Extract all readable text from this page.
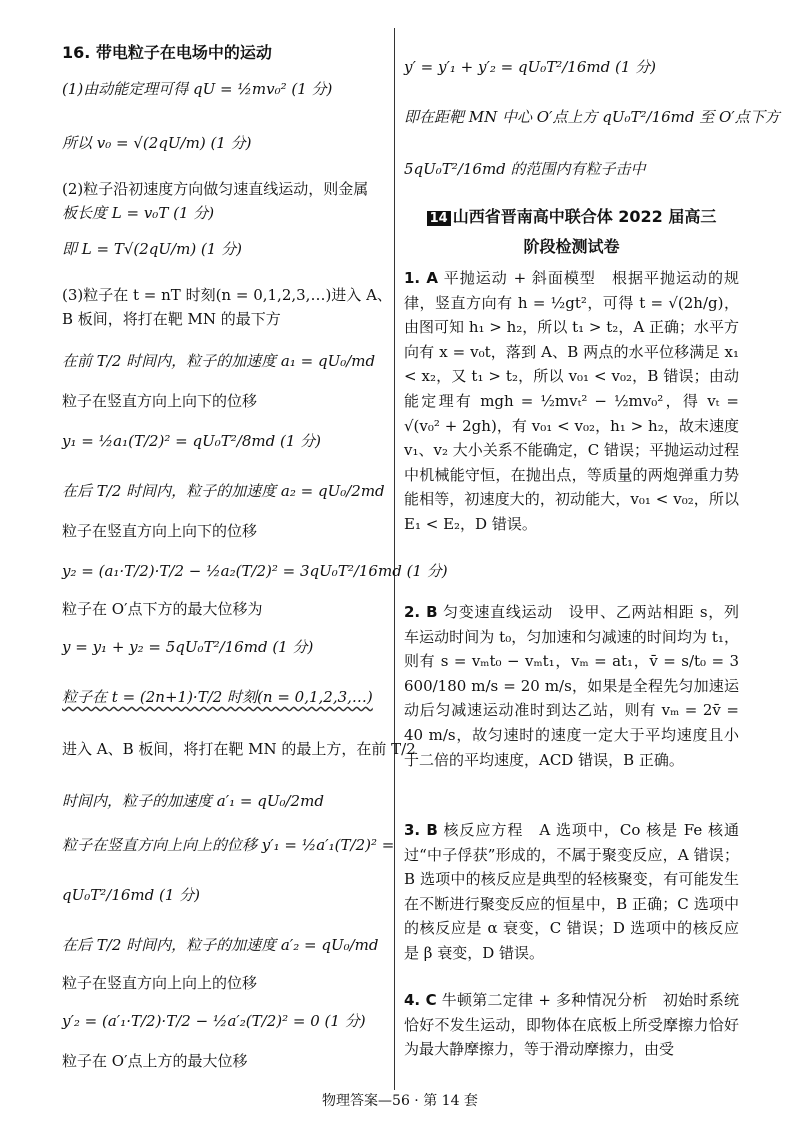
16. 带电粒子在电场中的运动
(1)由动能定理可得 qU = ½mv₀² (1 分)
所以 v₀ = √(2qU/m) (1 分)
(2)粒子沿初速度方向做匀速直线运动，则金属
板长度 L = v₀T (1 分)
即 L = T√(2qU/m) (1 分)
(3)粒子在 t = nT 时刻(n = 0,1,2,3,…)进入 A、
B 板间，将打在靶 MN 的最下方
在前 T/2 时间内，粒子的加速度 a₁ = qU₀/md
粒子在竖直方向上向下的位移
y₁ = ½a₁(T/2)² = qU₀T²/8md (1 分)
在后 T/2 时间内，粒子的加速度 a₂ = qU₀/2md
粒子在竖直方向上向下的位移
y₂ = (a₁·T/2)·T/2 − ½a₂(T/2)² = 3qU₀T²/16md (1 分)
粒子在 O′点下方的最大位移为
y = y₁ + y₂ = 5qU₀T²/16md (1 分)
粒子在 t = (2n+1)·T/2 时刻(n = 0,1,2,3,…)
进入 A、B 板间，将打在靶 MN 的最上方，在前 T/2
时间内，粒子的加速度 a′₁ = qU₀/2md
粒子在竖直方向上向上的位移 y′₁ = ½a′₁(T/2)² =
qU₀T²/16md (1 分)
在后 T/2 时间内，粒子的加速度 a′₂ = qU₀/md
粒子在竖直方向上向上的位移
y′₂ = (a′₁·T/2)·T/2 − ½a′₂(T/2)² = 0 (1 分)
粒子在 O′点上方的最大位移
y′ = y′₁ + y′₂ = qU₀T²/16md (1 分)
即在距靶 MN 中心 O′点上方 qU₀T²/16md 至 O′点下方
5qU₀T²/16md 的范围内有粒子击中
14 山西省晋南高中联合体 2022 届高三
阶段检测试卷
1. A 平抛运动 + 斜面模型　根据平抛运动的规律，竖直方向有 h = ½gt²，可得 t = √(2h/g)，由图可知 h₁ > h₂，所以 t₁ > t₂，A 正确；水平方向有 x = v₀t，落到 A、B 两点的水平位移满足 x₁ < x₂，又 t₁ > t₂，所以 v₀₁ < v₀₂，B 错误；由动能定理有 mgh = ½mvₜ² − ½mv₀²，得 vₜ = √(v₀² + 2gh)，有 v₀₁ < v₀₂，h₁ > h₂，故末速度 v₁、v₂ 大小关系不能确定，C 错误；平抛运动过程中机械能守恒，在抛出点，等质量的两炮弹重力势能相等，初速度大的，初动能大，v₀₁ < v₀₂，所以 E₁ < E₂，D 错误。
2. B 匀变速直线运动　设甲、乙两站相距 s，列车运动时间为 t₀，匀加速和匀减速的时间均为 t₁，则有 s = vₘt₀ − vₘt₁，vₘ = at₁，v̄ = s/t₀ = 3 600/180 m/s = 20 m/s，如果是全程先匀加速运动后匀减速运动准时到达乙站，则有 vₘ = 2v̄ = 40 m/s，故匀速时的速度一定大于平均速度且小于二倍的平均速度，ACD 错误，B 正确。
3. B 核反应方程　A 选项中，Co 核是 Fe 核通过“中子俘获”形成的，不属于聚变反应，A 错误；B 选项中的核反应是典型的轻核聚变，有可能发生在不断进行聚变反应的恒星中，B 正确；C 选项中的核反应是 α 衰变，C 错误；D 选项中的核反应是 β 衰变，D 错误。
4. C 牛顿第二定律 + 多种情况分析　初始时系统恰好不发生运动，即物体在底板上所受摩擦力恰好为最大静摩擦力，等于滑动摩擦力，由受
物理答案—56 · 第 14 套
